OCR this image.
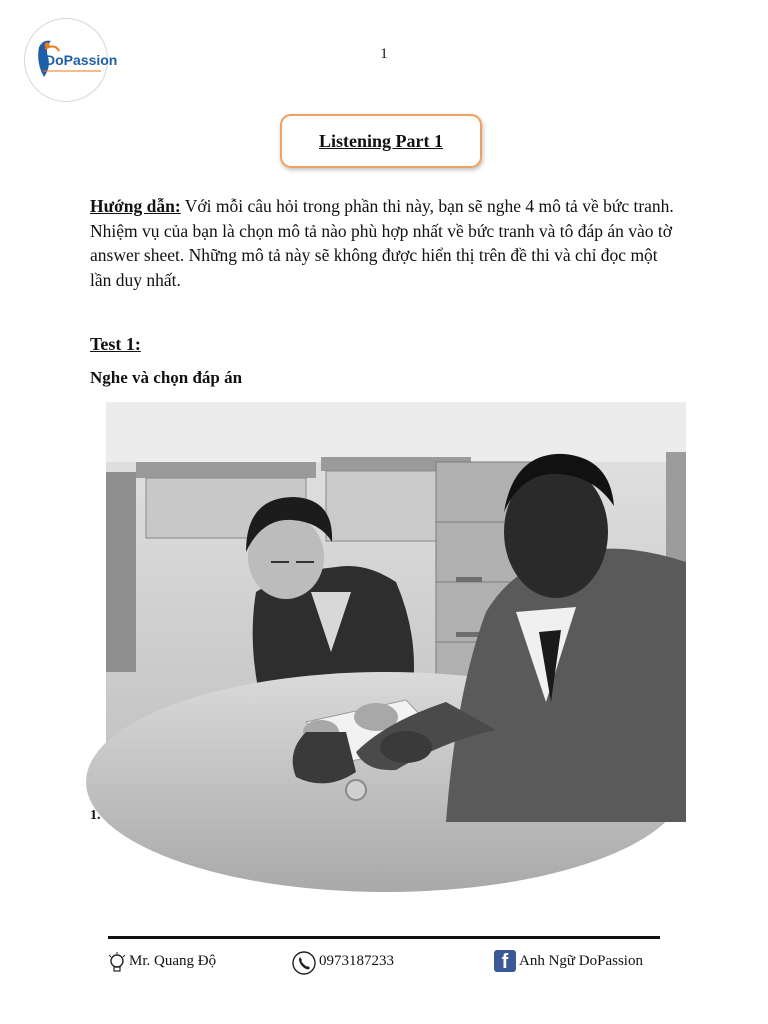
DoPassion	1
Listening Part 1
Hướng dẫn: Với mỗi câu hỏi trong phần thi này, bạn sẽ nghe 4 mô tả về bức tranh. Nhiệm vụ của bạn là chọn mô tả nào phù hợp nhất về bức tranh và tô đáp án vào tờ answer sheet. Những mô tả này sẽ không được hiển thị trên đề thi và chỉ đọc một lần duy nhất.
Test 1:
Nghe và chọn đáp án
1.
Mr. Quang Độ	0973187233	f Anh Ngữ DoPassion
